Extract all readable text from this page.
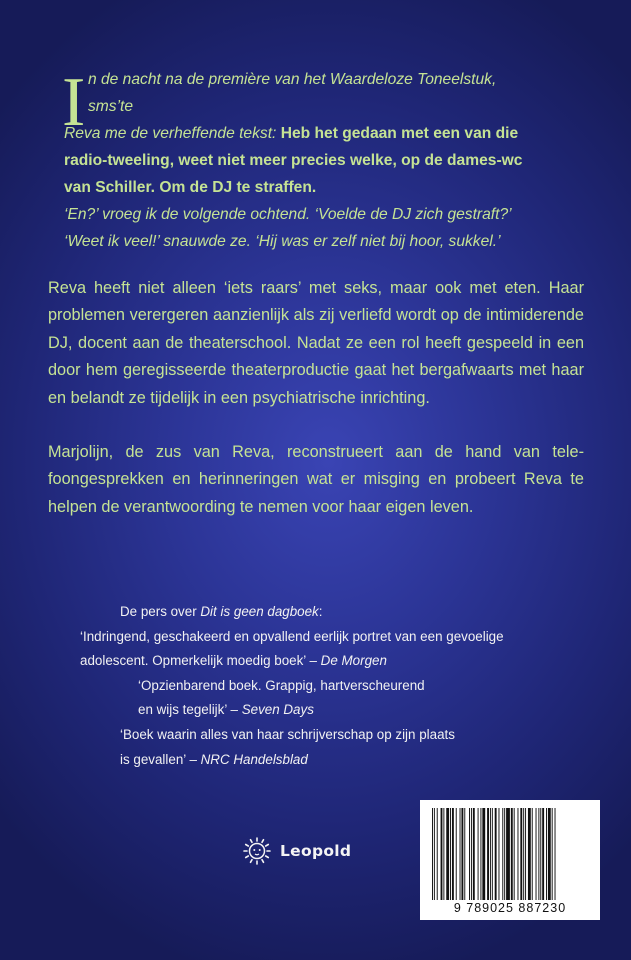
I n de nacht na de première van het Waardeloze Toneelstuk, sms’te
Reva me de verheffende tekst: Heb het gedaan met een van die radio-tweeling, weet niet meer precies welke, op de dames-wc van Schiller. Om de DJ te straffen.

‘En?’ vroeg ik de volgende ochtend. ‘Voelde de DJ zich gestraft?’

‘Weet ik veel!’ snauwde ze. ‘Hij was er zelf niet bij hoor, sukkel.’

Reva heeft niet alleen ‘iets raars’ met seks, maar ook met eten. Haar problemen verergeren aanzienlijk als zij verliefd wordt op de intimiderende DJ, docent aan de theaterschool. Nadat ze een rol heeft gespeeld in een door hem geregisseerde theaterproductie gaat het bergafwaarts met haar en belandt ze tijdelijk in een psychiatrische inrichting.

Marjolijn, de zus van Reva, reconstrueert aan de hand van telefoongesprekken en herinneringen wat er misging en probeert Reva te helpen de verantwoording te nemen voor haar eigen leven.

De pers over Dit is geen dagboek:

‘Indringend, geschakeerd en opvallend eerlijk portret van een gevoelige adolescent. Opmerkelijk moedig boek’ – De Morgen

‘Opzienbarend boek. Grappig, hartverscheurend
en wijs tegelijk’ – Seven Days

‘Boek waarin alles van haar schrijverschap op zijn plaats
is gevallen’ – NRC Handelsblad

Leopold
9 789025 887230
